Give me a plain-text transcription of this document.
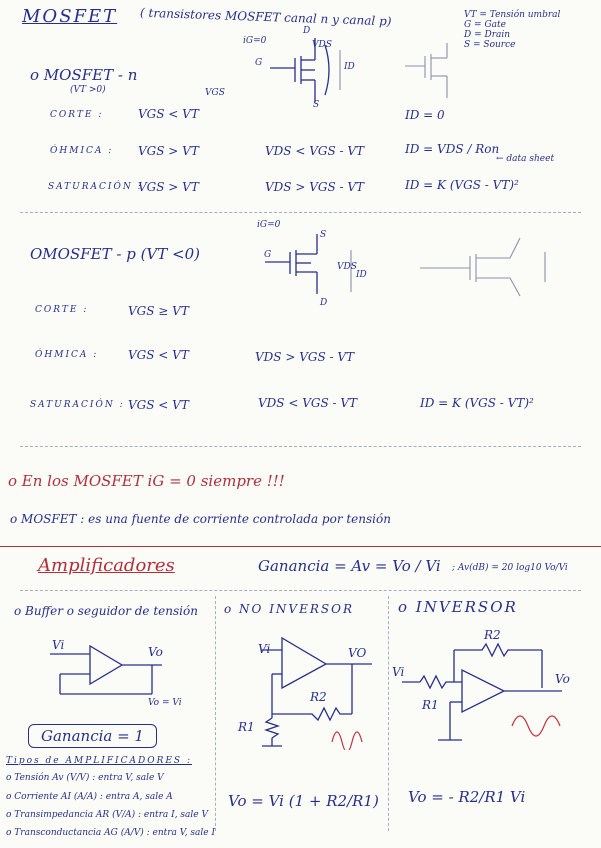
MOSFET ( transistores MOSFET canal n y canal p)	VT = Tensión umbral
G = Gate
D = Drain
S = Source
o MOSFET - n
(VT >0)
iG=0
D
VDS
G
VGS
S
ID
CORTE :	VGS < VT	ID = 0
ÓHMICA : VGS > VT	VDS < VGS - VT	ID = VDS / Ron
← data sheet
SATURACIÓN :
VGS > VT	VDS > VGS - VT	ID = K (VGS - VT)²
OMOSFET - p (VT <0)
iG=0
S
G
VDS
ID
D
CORTE :	VGS ≥ VT
ÓHMICA : VGS < VT	VDS > VGS - VT
SATURACIÓN : VGS < VT	VDS < VGS - VT	ID = K (VGS - VT)²
o En los MOSFET iG = 0 siempre !!!
o MOSFET : es una fuente de corriente controlada por tensión
Amplificadores	Ganancia = Av = Vo / Vi ; Av(dB) = 20 log10 Vo/Vi
o Buffer o seguidor de tensión
Vi	Vo
Vo = Vi
Ganancia = 1
Tipos de AMPLIFICADORES :
o Tensión Av (V/V) : entra V, sale V
o Corriente AI (A/A) : entra A, sale A
o Transimpedancia AR (V/A) : entra I, sale V
o Transconductancia AG (A/V) : entra V, sale I
o NO INVERSOR
Vi	VO
R2
R1
Vo = Vi (1 + R2/R1)
o INVERSOR
R2
Vi	Vo
R1
Vo = - R2/R1 Vi
